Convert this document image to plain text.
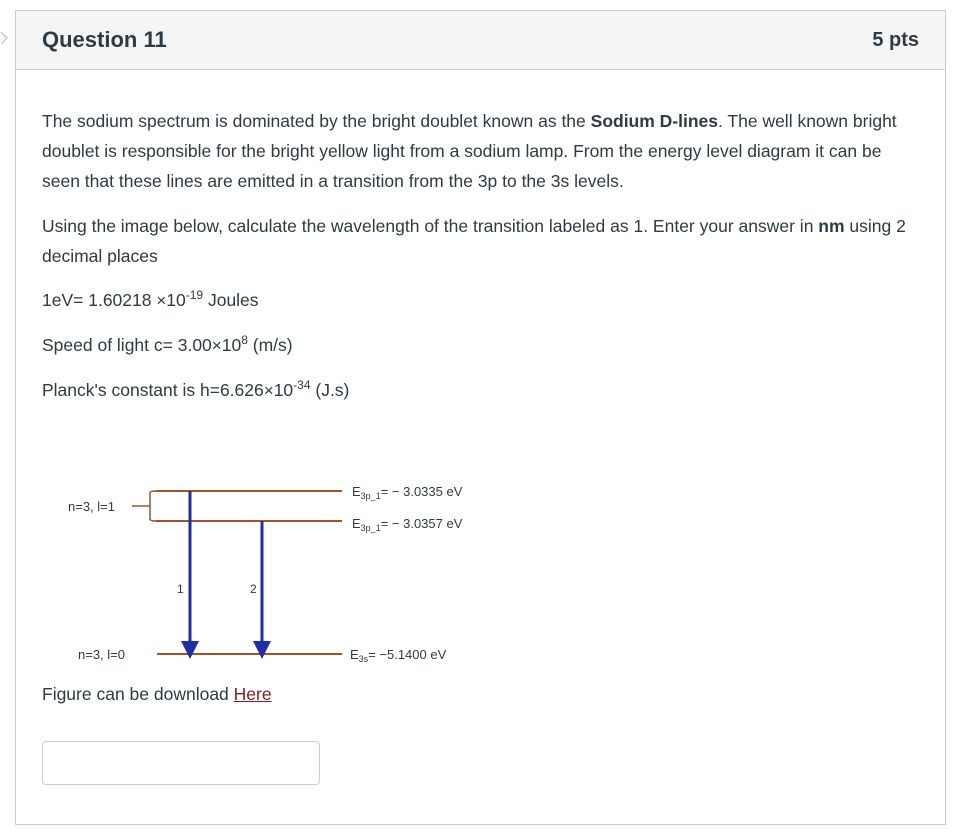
Question 11	5 pts

The sodium spectrum is dominated by the bright doublet known as the Sodium D-lines. The well known bright doublet is responsible for the bright yellow light from a sodium lamp. From the energy level diagram it can be seen that these lines are emitted in a transition from the 3p to the 3s levels.

Using the image below, calculate the wavelength of the transition labeled as 1. Enter your answer in nm using 2 decimal places

$1eV= 1.60218 \times 10^{-19}$ Joules

Speed of light $c= 3.00\times 10^8$ (m/s)

Planck's constant is $h=6.626\times 10^{-34}$ (J.s)

n=3, l=1
n=3, l=0
1	2
$E_{3p\_1}= - 3.0335$ eV
$E_{3p\_1}= - 3.0357$ eV
$E_{3s}= -5.1400$ eV

Figure can be download Here
